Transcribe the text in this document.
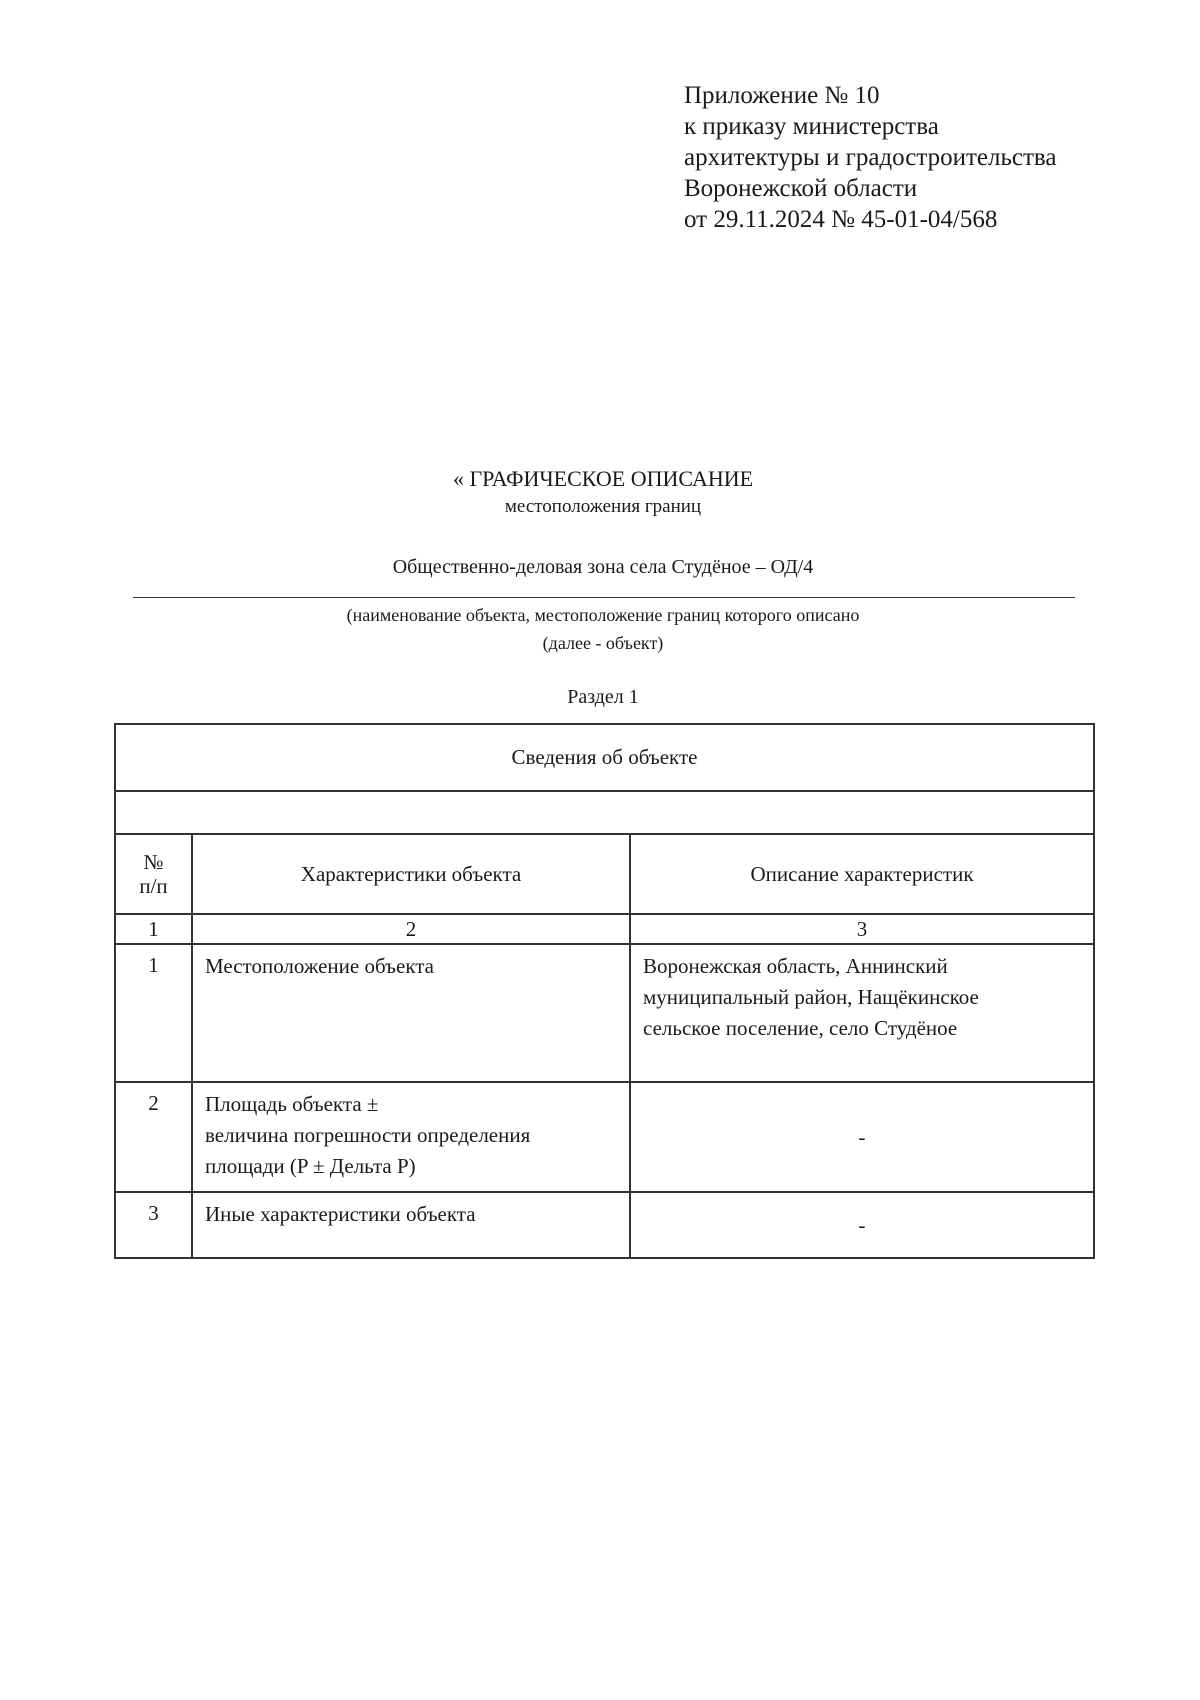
Приложение № 10
к приказу министерства
архитектуры и градостроительства
Воронежской области
от 29.11.2024 № 45-01-04/568
« ГРАФИЧЕСКОЕ ОПИСАНИЕ
местоположения границ
Общественно-деловая зона села Студёное – ОД/4
(наименование объекта, местоположение границ которого описано
(далее - объект)
Раздел 1
Сведения об объекте		

№
п/п	Характеристики объекта	Описание характеристик
1	2	3
1	Местоположение объекта	Воронежская область, Аннинский
муниципальный район, Нащёкинское
сельское поселение, село Студёное

2	Площадь объекта ±
величина погрешности определения
площади (P ± Дельта P)	-
3	Иные характеристики объекта	-
